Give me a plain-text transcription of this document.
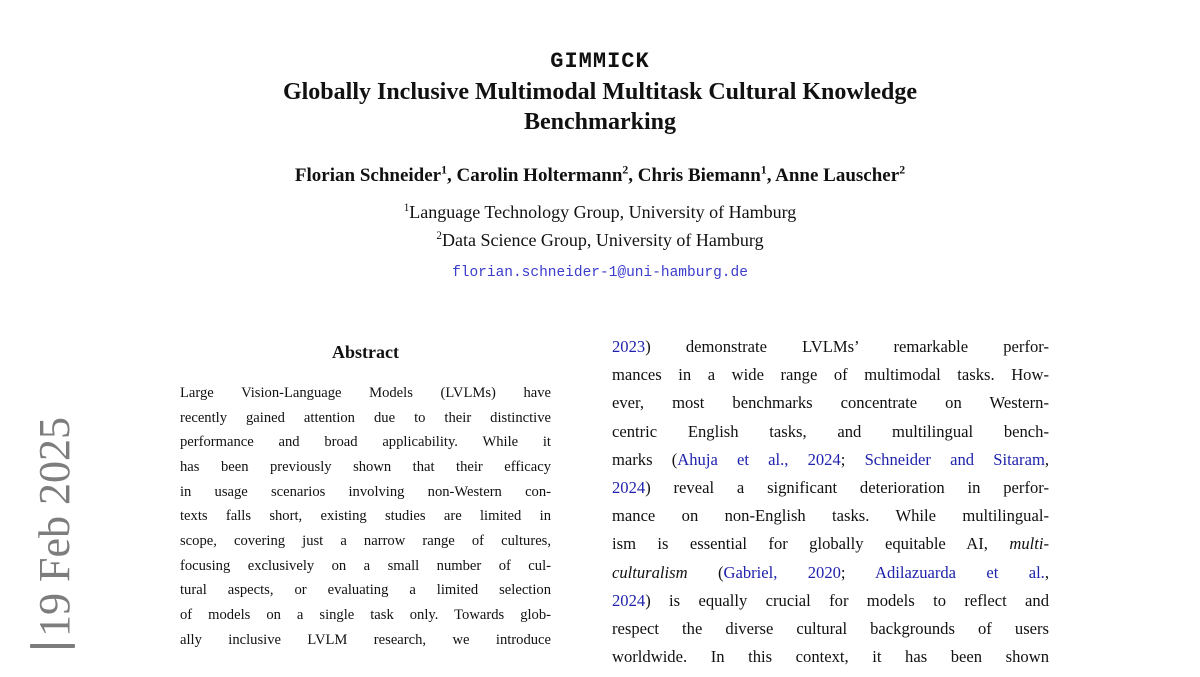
19 Feb 2025
GIMMICK
Globally Inclusive Multimodal Multitask Cultural Knowledge
Benchmarking
Florian Schneider$^1$, Carolin Holtermann$^2$, Chris Biemann$^1$, Anne Lauscher$^2$
$^1$Language Technology Group, University of Hamburg
$^2$Data Science Group, University of Hamburg
florian.schneider-1@uni-hamburg.de
Abstract
Large Vision-Language Models (LVLMs) have
recently gained attention due to their distinctive
performance and broad applicability. While it
has been previously shown that their efficacy
in usage scenarios involving non-Western con-
texts falls short, existing studies are limited in
scope, covering just a narrow range of cultures,
focusing exclusively on a small number of cul-
tural aspects, or evaluating a limited selection
of models on a single task only. Towards glob-
ally inclusive LVLM research, we introduce
2023) demonstrate LVLMs’ remarkable perfor-
mances in a wide range of multimodal tasks. How-
ever, most benchmarks concentrate on Western-
centric English tasks, and multilingual bench-
marks (Ahuja et al., 2024; Schneider and Sitaram,
2024) reveal a significant deterioration in perfor-
mance on non-English tasks. While multilingual-
ism is essential for globally equitable AI, multi-
culturalism (Gabriel, 2020; Adilazuarda et al.,
2024) is equally crucial for models to reflect and
respect the diverse cultural backgrounds of users
worldwide. In this context, it has been shown
